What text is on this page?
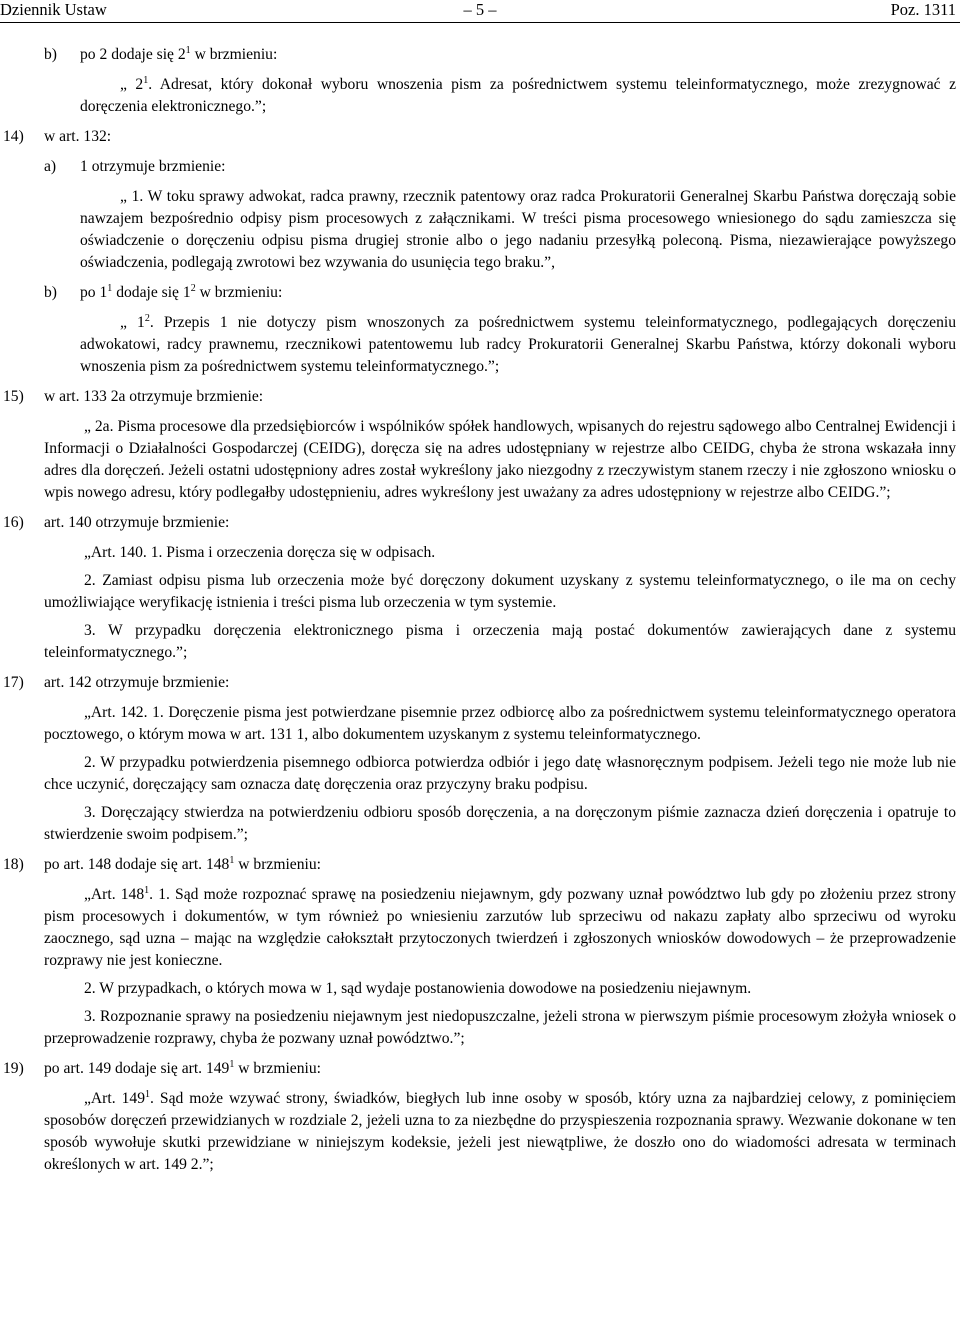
Dziennik Ustaw	– 5 –	Poz. 1311
b) po 2 dodaje się $2^1$ w brzmieniu:

„ $2^1$. Adresat, który dokonał wyboru wnoszenia pism za pośrednictwem systemu teleinformatycznego, może zrezygnować z doręczenia elektronicznego.”;

14) w art. 132:
a) 1 otrzymuje brzmienie:

„ 1. W toku sprawy adwokat, radca prawny, rzecznik patentowy oraz radca Prokuratorii Generalnej Skarbu Państwa doręczają sobie nawzajem bezpośrednio odpisy pism procesowych z załącznikami. W treści pisma procesowego wniesionego do sądu zamieszcza się oświadczenie o doręczeniu odpisu pisma drugiej stronie albo o jego nadaniu przesyłką poleconą. Pisma, niezawierające powyższego oświadczenia, podlegają zwrotowi bez wzywania do usunięcia tego braku.”,

b) po $1^1$ dodaje się $1^2$ w brzmieniu:

„ $1^2$. Przepis 1 nie dotyczy pism wnoszonych za pośrednictwem systemu teleinformatycznego, podlegających doręczeniu adwokatowi, radcy prawnemu, rzecznikowi patentowemu lub radcy Prokuratorii Generalnej Skarbu Państwa, którzy dokonali wyboru wnoszenia pism za pośrednictwem systemu teleinformatycznego.”;

15) w art. 133 2a otrzymuje brzmienie:

„ 2a. Pisma procesowe dla przedsiębiorców i wspólników spółek handlowych, wpisanych do rejestru sądowego albo Centralnej Ewidencji i Informacji o Działalności Gospodarczej (CEIDG), doręcza się na adres udostępniany w rejestrze albo CEIDG, chyba że strona wskazała inny adres dla doręczeń. Jeżeli ostatni udostępniony adres został wykreślony jako niezgodny z rzeczywistym stanem rzeczy i nie zgłoszono wniosku o wpis nowego adresu, który podlegałby udostępnieniu, adres wykreślony jest uważany za adres udostępniony w rejestrze albo CEIDG.”;

16) art. 140 otrzymuje brzmienie:

„Art. 140. 1. Pisma i orzeczenia doręcza się w odpisach.

2. Zamiast odpisu pisma lub orzeczenia może być doręczony dokument uzyskany z systemu teleinformatycznego, o ile ma on cechy umożliwiające weryfikację istnienia i treści pisma lub orzeczenia w tym systemie.

3. W przypadku doręczenia elektronicznego pisma i orzeczenia mają postać dokumentów zawierających dane z systemu teleinformatycznego.”;

17) art. 142 otrzymuje brzmienie:

„Art. 142. 1. Doręczenie pisma jest potwierdzane pisemnie przez odbiorcę albo za pośrednictwem systemu teleinformatycznego operatora pocztowego, o którym mowa w art. 131 1, albo dokumentem uzyskanym z systemu teleinformatycznego.

2. W przypadku potwierdzenia pisemnego odbiorca potwierdza odbiór i jego datę własnoręcznym podpisem. Jeżeli tego nie może lub nie chce uczynić, doręczający sam oznacza datę doręczenia oraz przyczyny braku podpisu.

3. Doręczający stwierdza na potwierdzeniu odbioru sposób doręczenia, a na doręczonym piśmie zaznacza dzień doręczenia i opatruje to stwierdzenie swoim podpisem.”;

18) po art. 148 dodaje się art. $148^1$ w brzmieniu:

„Art. $148^1$. 1. Sąd może rozpoznać sprawę na posiedzeniu niejawnym, gdy pozwany uznał powództwo lub gdy po złożeniu przez strony pism procesowych i dokumentów, w tym również po wniesieniu zarzutów lub sprzeciwu od nakazu zapłaty albo sprzeciwu od wyroku zaocznego, sąd uzna – mając na względzie całokształt przytoczonych twierdzeń i zgłoszonych wniosków dowodowych – że przeprowadzenie rozprawy nie jest konieczne.

2. W przypadkach, o których mowa w 1, sąd wydaje postanowienia dowodowe na posiedzeniu niejawnym.

3. Rozpoznanie sprawy na posiedzeniu niejawnym jest niedopuszczalne, jeżeli strona w pierwszym piśmie procesowym złożyła wniosek o przeprowadzenie rozprawy, chyba że pozwany uznał powództwo.”;

19) po art. 149 dodaje się art. $149^1$ w brzmieniu:

„Art. $149^1$. Sąd może wzywać strony, świadków, biegłych lub inne osoby w sposób, który uzna za najbardziej celowy, z pominięciem sposobów doręczeń przewidzianych w rozdziale 2, jeżeli uzna to za niezbędne do przyspieszenia rozpoznania sprawy. Wezwanie dokonane w ten sposób wywołuje skutki przewidziane w niniejszym kodeksie, jeżeli jest niewątpliwe, że doszło ono do wiadomości adresata w terminach określonych w art. 149 2.”;
